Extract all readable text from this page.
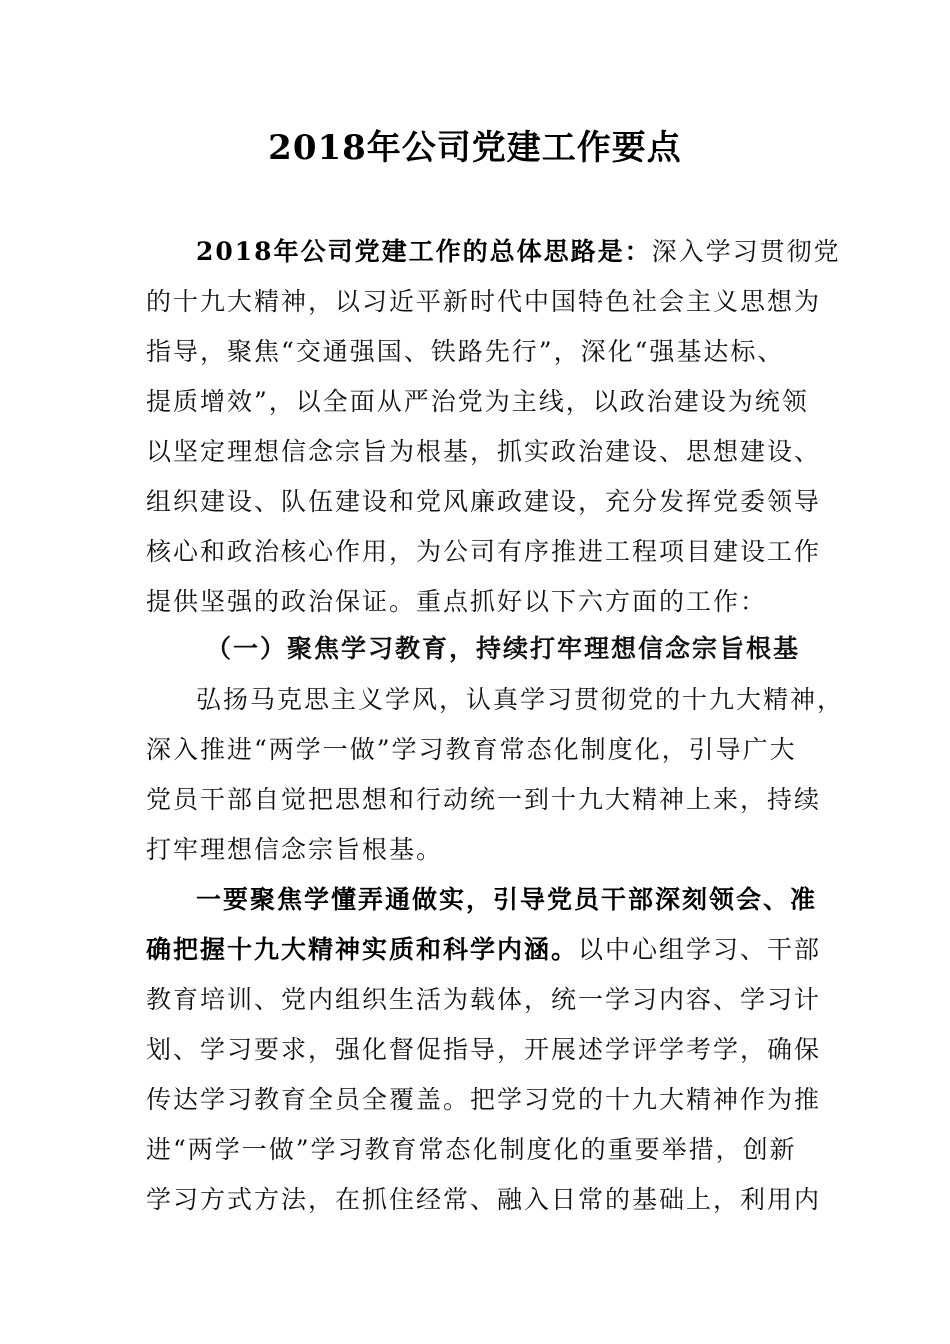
2018年公司党建工作要点
2018年公司党建工作的总体思路是：深入学习贯彻党
的十九大精神，以习近平新时代中国特色社会主义思想为
指导，聚焦“交通强国、铁路先行”，深化“强基达标、
提质增效”，以全面从严治党为主线，以政治建设为统领
以坚定理想信念宗旨为根基，抓实政治建设、思想建设、
组织建设、队伍建设和党风廉政建设，充分发挥党委领导
核心和政治核心作用，为公司有序推进工程项目建设工作
提供坚强的政治保证。重点抓好以下六方面的工作：
（一）聚焦学习教育，持续打牢理想信念宗旨根基
弘扬马克思主义学风，认真学习贯彻党的十九大精神，
深入推进“两学一做”学习教育常态化制度化，引导广大
党员干部自觉把思想和行动统一到十九大精神上来，持续
打牢理想信念宗旨根基。
一要聚焦学懂弄通做实，引导党员干部深刻领会、准
确把握十九大精神实质和科学内涵。以中心组学习、干部
教育培训、党内组织生活为载体，统一学习内容、学习计
划、学习要求，强化督促指导，开展述学评学考学，确保
传达学习教育全员全覆盖。把学习党的十九大精神作为推
进“两学一做”学习教育常态化制度化的重要举措，创新
学习方式方法，在抓住经常、融入日常的基础上，利用内
